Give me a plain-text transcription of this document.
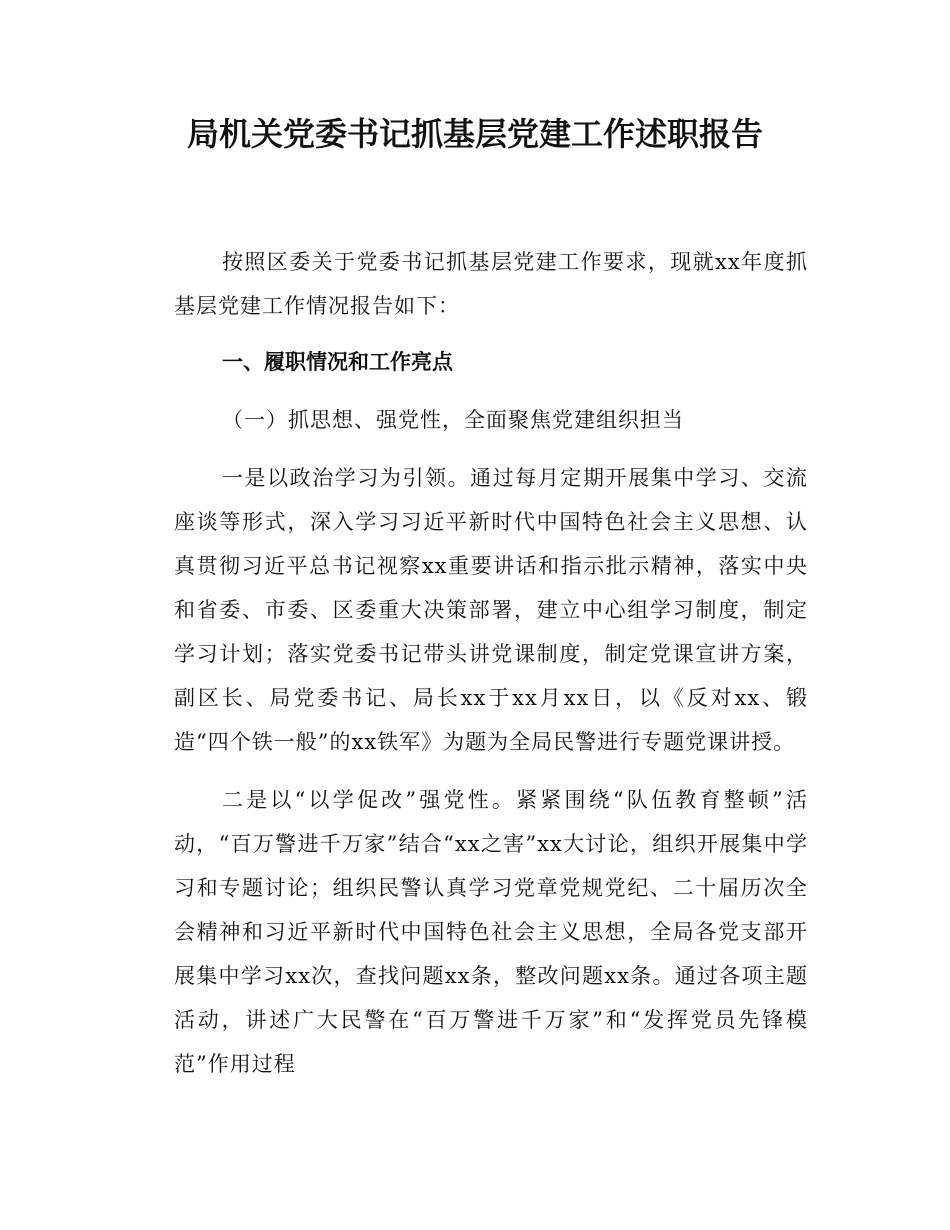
局机关党委书记抓基层党建工作述职报告

按照区委关于党委书记抓基层党建工作要求，现就xx年度抓基层党建工作情况报告如下：

一、履职情况和工作亮点

（一）抓思想、强党性，全面聚焦党建组织担当

一是以政治学习为引领。通过每月定期开展集中学习、交流座谈等形式，深入学习习近平新时代中国特色社会主义思想、认真贯彻习近平总书记视察xx重要讲话和指示批示精神，落实中央和省委、市委、区委重大决策部署，建立中心组学习制度，制定学习计划；落实党委书记带头讲党课制度，制定党课宣讲方案，副区长、局党委书记、局长xx于xx月xx日，以《反对xx、锻造“四个铁一般”的xx铁军》为题为全局民警进行专题党课讲授。

二是以“以学促改”强党性。紧紧围绕“队伍教育整顿”活动，“百万警进千万家”结合“xx之害”xx大讨论，组织开展集中学习和专题讨论；组织民警认真学习党章党规党纪、二十届历次全会精神和习近平新时代中国特色社会主义思想，全局各党支部开展集中学习xx次，查找问题xx条，整改问题xx条。通过各项主题活动，讲述广大民警在“百万警进千万家”和“发挥党员先锋模范”作用过程
